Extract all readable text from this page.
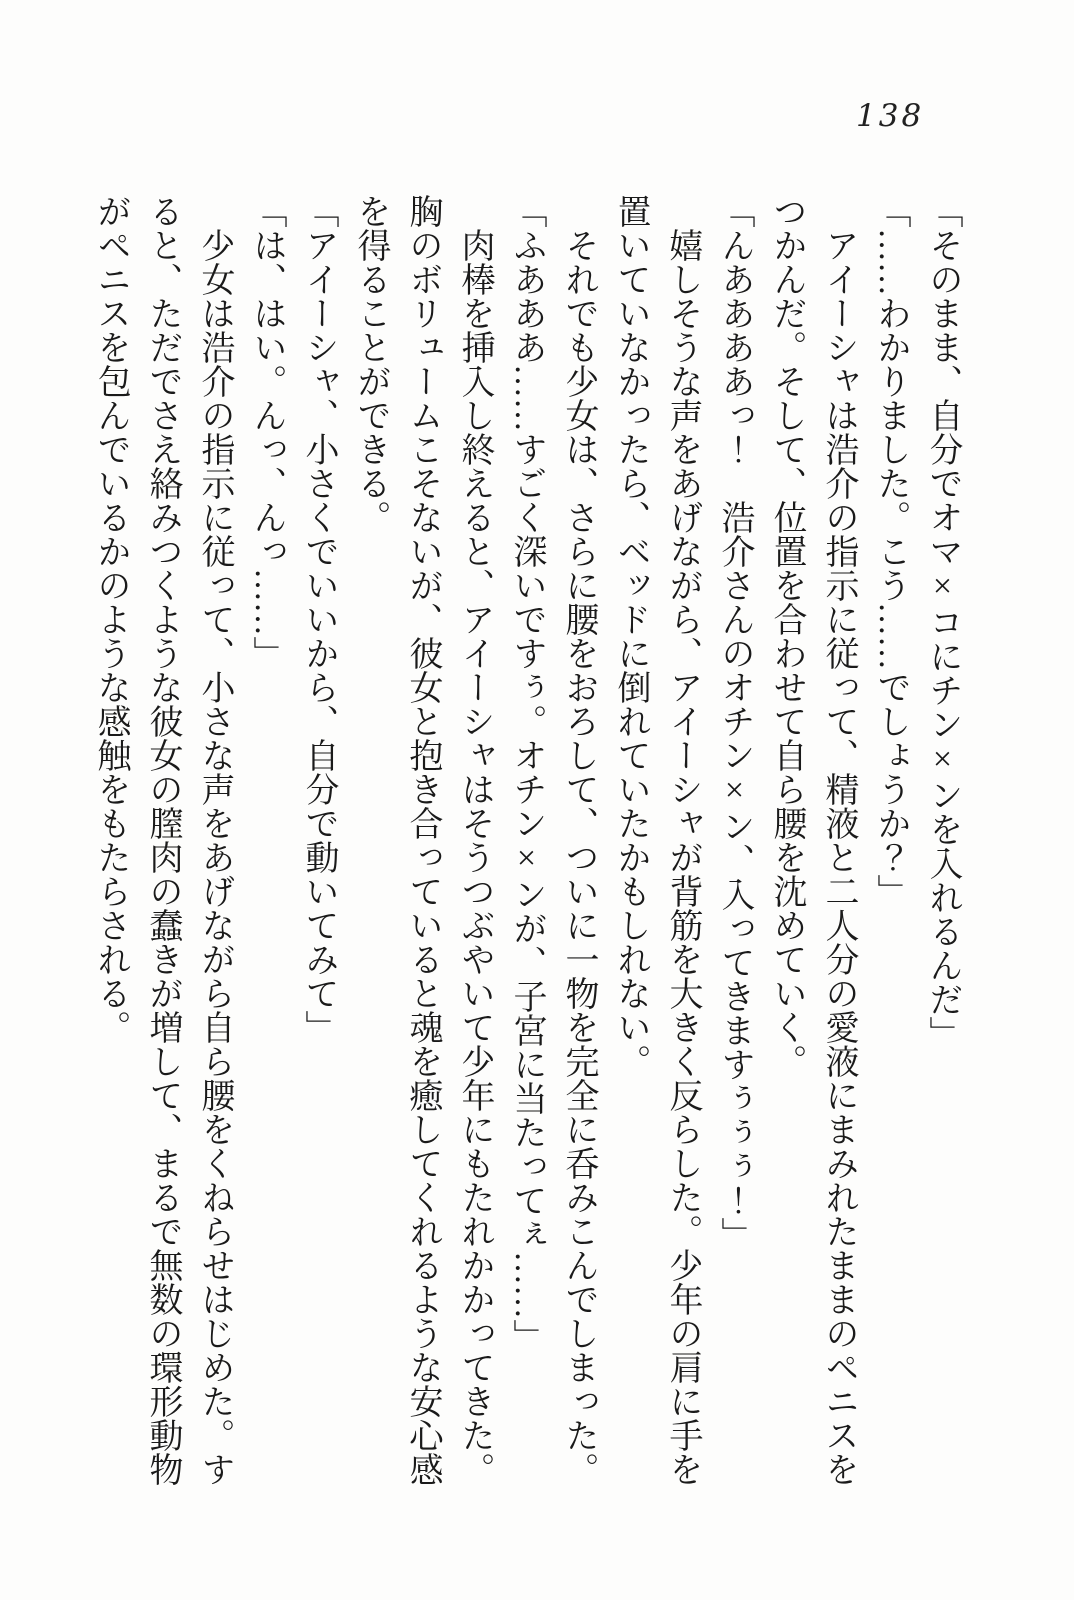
138
「そのまま、自分でオマ×コにチン×ンを入れるんだ」
「……わかりました。こう……でしょうか？」
　アイーシャは浩介の指示に従って、精液と二人分の愛液にまみれたままのペニスを
つかんだ。そして、位置を合わせて自ら腰を沈めていく。
「んああああっ！　浩介さんのオチン×ン、入ってきますぅぅぅ！」
　嬉しそうな声をあげながら、アイーシャが背筋を大きく反らした。少年の肩に手を
置いていなかったら、ベッドに倒れていたかもしれない。
　それでも少女は、さらに腰をおろして、ついに一物を完全に呑みこんでしまった。
「ふあああ……すごく深いですぅ。オチン×ンが、子宮に当たってぇ……」
　肉棒を挿入し終えると、アイーシャはそうつぶやいて少年にもたれかかってきた。
胸のボリュームこそないが、彼女と抱き合っていると魂を癒してくれるような安心感
を得ることができる。
「アイーシャ、小さくでいいから、自分で動いてみて」
「は、はい。んっ、んっ……」
　少女は浩介の指示に従って、小さな声をあげながら自ら腰をくねらせはじめた。す
ると、ただでさえ絡みつくような彼女の膣肉の蠢きが増して、まるで無数の環形動物
がペニスを包んでいるかのような感触をもたらされる。
